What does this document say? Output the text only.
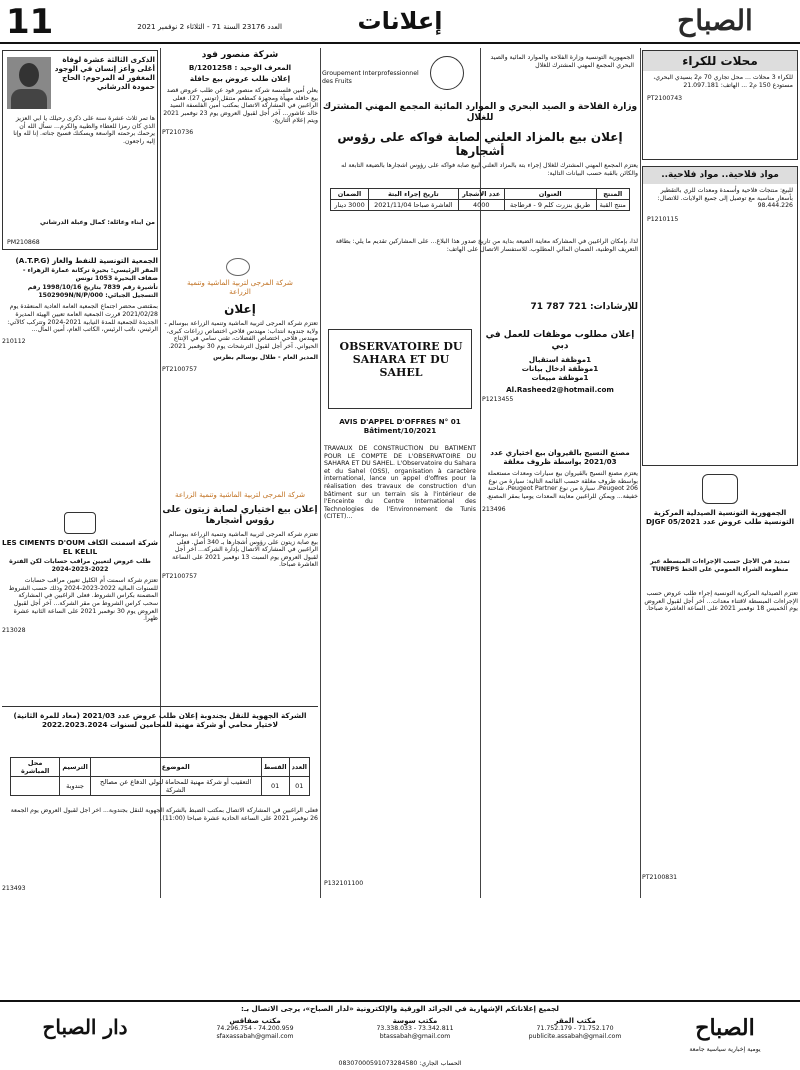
11	العدد 23176 السنة 71 - الثلاثاء 2 نوفمبر 2021	إعلانات	الصباح
الذكرى الثالثة عشرة لوفاة أغلى وأعز إنسان في الوجود المغفور له المرحوم: الحاج حمودة الدرشاني
ها تمر ثلاث عشرة سنة على ذكرى رحيلك يا أبي العزيز الذي كان رمزا للعطاء والطيبة والكرم... نسأل الله أن يرحمك برحمته الواسعة ويسكنك فسيح جناته. إنا لله وإنا إليه راجعون.
من أبناء وعائلة: كمال وعبلة الدرشاني
PM210868
الجمعية التونسية للنفط والغاز (A.T.P.G)
المقر الرئيسي: بحيرة تركانة عمارة الزهراء - ضفاف البحيرة 1053 تونس
تأشيرة رقم 7839 بتاريخ 1998/10/16 رقم التسجيل الجبائي: 1502909N/N/P/000
بمقتضى محضر اجتماع الجمعية العامة العادية المنعقدة يوم 2021/02/28 قررت الجمعية العامة تعيين الهيئة المديرة الجديدة للجمعية للمدة النيابية 2021-2024 وتتركب كالآتي: الرئيس، نائب الرئيس، الكاتب العام، أمين المال...
210112
شركة اسمنت الكاف LES CIMENTS D'OUM EL KELIL
طلب عروض لتعيين مراقب حسابات لكن الفترة 2022-2023-2024
تعتزم شركة اسمنت أم الكليل تعيين مراقب حسابات للسنوات المالية 2022-2023-2024 وذلك حسب الشروط المضمنة بكراس الشروط. فعلى الراغبين في المشاركة سحب كراس الشروط من مقر الشركة... آخر أجل لقبول العروض يوم 30 نوفمبر 2021 على الساعة الثانية عشرة ظهرا.
213028
شركة منصور فود
المعرف الوحيد : 1201258/B
إعلان طلب عروض بيع حافلة
يعلن أمين فلسسة شركة منصور فود عن طلب عروض قصد بيع حافلة مهيأة ومجهزة كمطعم متنقل (تونس 27). فعلى الراغبين في المشاركة الاتصال بمكتب أمين الفلسفة السيد خالد عاشور... آخر أجل لقبول العروض يوم 23 نوفمبر 2021 ويتم إعلام التاريخ.
PT210736
شركة المرجى لتربية الماشية وتنمية الزراعة
إعلان
تعتزم شركة المرجى لتربية الماشية وتنمية الزراعة ببوسالم - ولاية جندوبة انتداب: مهندس فلاحي اختصاص زراعات كبرى، مهندس فلاحي اختصاص الفضلات، تقني سامي في الإنتاج الحيواني. آخر أجل لقبول الترشحات يوم 30 نوفمبر 2021.
المدير العام - طلال بوسالم بطرس
PT2100757
شركة المرجى لتربية الماشية وتنمية الزراعة
إعلان بيع اختياري لصابة زيتون على رؤوس أشجارها
تعتزم شركة المرجى لتربية الماشية وتنمية الزراعة ببوسالم بيع صابة زيتون على رؤوس أشجارها بـ 340 أصل. فعلى الراغبين في المشاركة الاتصال بإدارة الشركة... آخر أجل لقبول العروض يوم السبت 13 نوفمبر 2021 على الساعة العاشرة صباحا.
PT2100757
Groupement Interprofessionnel des Fruits
الجمهورية التونسية وزارة الفلاحة والموارد المائية والصيد البحري المجمع المهني المشترك للغلال
وزارة الفلاحة و الصيد البحري و الموارد المائية المجمع المهني المشترك للغلال
إعلان بيع بالمزاد العلني لصابة فواكه على رؤوس أشجارها
يعتزم المجمع المهني المشترك للغلال إجراء بتة بالمزاد العلني لبيع صابة فواكه على رؤوس أشجارها بالضيعة التابعة له والكائن بالقبة حسب البيانات التالية:
المنتج	العنوان	عدد الأشجار	تاريخ إجراء البتة	الضمان
منتج القبة	طريق بنزرت كلم 9 - قرطاجة	4000	العاشرة صباحا 2021/11/04	3000 دينار
لذا، بإمكان الراغبين في المشاركة معاينة الضيعة بداية من تاريخ صدور هذا البلاغ... على المشاركين تقديم ما يلي: بطاقة التعريف الوطنية، الضمان المالي المطلوب. للاستفسار الاتصال على الهاتف:
للإرشادات: 721 787 71
OBSERVATOIRE DU SAHARA ET DU SAHEL
AVIS D'APPEL D'OFFRES N° 01 Bâtiment/10/2021
TRAVAUX DE CONSTRUCTION DU BATIMENT POUR LE COMPTE DE L'OBSERVATOIRE DU SAHARA ET DU SAHEL. L'Observatoire du Sahara et du Sahel (OSS), organisation à caractère international, lance un appel d'offres pour la réalisation des travaux de construction d'un bâtiment sur un terrain sis à l'intérieur de l'Enceinte du Centre International des Technologies de l'Environnement de Tunis (CITET)...
P132101100
إعلان مطلوب موظفات للعمل في دبي
1موظفة استقبال
1موظفة ادخال بيانات
1موظفة مبيعات
Al.Rasheed2@hotmail.com
P1213455
مصنع النسيج بالقيروان بيع اختياري عدد 2021/03 بواسطة ظروف مغلقة
يعتزم مصنع النسيج بالقيروان بيع سيارات ومعدات مستعملة بواسطة ظروف مغلقة حسب القائمة التالية: سيارة من نوع Peugeot 206، سيارة من نوع Peugeot Partner، شاحنة خفيفة... ويمكن للراغبين معاينة المعدات يوميا بمقر المصنع.
213496
محلات للكراء
للكراء 3 محلات ... محل تجاري 70 م2 بسيدي البحري، مستودع 150 م2 ... الهاتف: 21.097.181
PT2100743
مواد فلاحية.. مواد فلاحية..
للبيع: منتجات فلاحية وأسمدة ومعدات للري بالتقطير بأسعار مناسبة مع توصيل إلى جميع الولايات. للاتصال: 98.444.226
P1210115
الجمهورية التونسية الصيدلية المركزية التونسية طلب عروض عدد DJGF 05/2021
تمديد في الأجل حسب الإجراءات المبسطة عبر منظومة الشراء العمومي على الخط TUNEPS
تعتزم الصيدلية المركزية التونسية إجراء طلب عروض حسب الإجراءات المبسطة لاقتناء معدات... آخر أجل لقبول العروض يوم الخميس 18 نوفمبر 2021 على الساعة العاشرة صباحا.
PT2100831
الشركة الجهوية للنقل بجندوبة إعلان طلب عروض عدد 2021/03 (معاد للمرة الثانية) لاختيار محامي أو شركة مهنية للمحامين لسنوات 2022.2023.2024
العدد	القسط	الموضوع	الترسيم	محل المباشرة
01	01	التعقيب أو شركة مهنية للمحاماة لتولي الدفاع عن مصالح الشركة	جندوبة	
فعلى الراغبين في المشاركة الاتصال بمكتب الضبط بالشركة الجهوية للنقل بجندوبة... آخر أجل لقبول العروض يوم الجمعة 26 نوفمبر 2021 على الساعة الحادية عشرة صباحا (11:00).
213493
لجميع إعلاناتكم الإشهارية في الجرائد الورقية والإلكترونية «لدار الصباح»، يرجى الاتصال بـ:
الصباح
يومية إخبارية سياسية جامعة
مكتب المقر
71.752.179 - 71.752.170
publicite.assabah@gmail.com
مكتب سوسة
73.338.033 - 73.342.811
btassabah@gmail.com
مكتب صفاقس
74.296.754 - 74.200.959
sfaxassabah@gmail.com
دار الصباح
الحساب الجاري: 08307000591073284580
